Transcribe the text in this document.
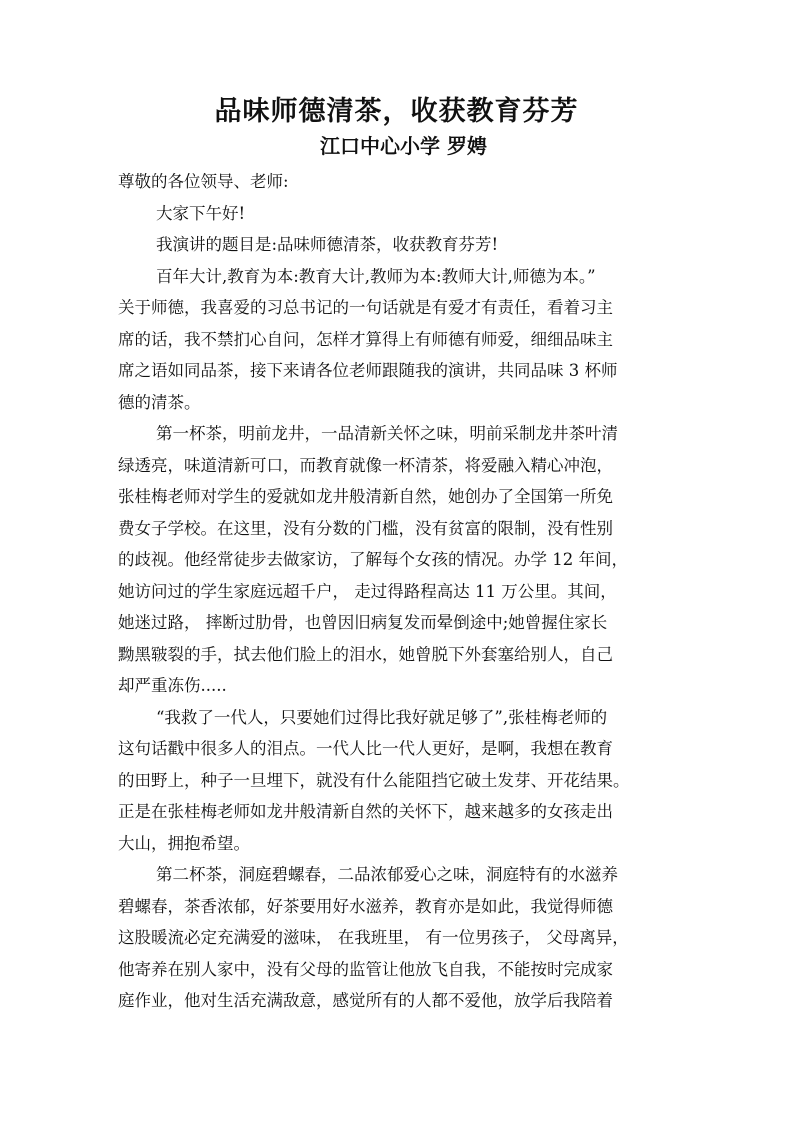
品味师德清茶，收获教育芬芳
江口中心小学 罗娉
尊敬的各位领导、老师:
大家下午好!
我演讲的题目是:品味师德清茶，收获教育芬芳!
百年大计,教育为本:教育大计,教师为本:教师大计,师德为本。”
关于师德，我喜爱的习总书记的一句话就是有爱才有责任，看着习主
席的话，我不禁扪心自问，怎样才算得上有师德有师爱，细细品味主
席之语如同品茶，接下来请各位老师跟随我的演讲，共同品味 3 杯师
德的清茶。
第一杯茶，明前龙井，一品清新关怀之味，明前采制龙井茶叶清
绿透亮，味道清新可口，而教育就像一杯清茶，将爱融入精心冲泡，
张桂梅老师对学生的爱就如龙井般清新自然，她创办了全国第一所免
费女子学校。在这里，没有分数的门槛，没有贫富的限制，没有性别
的歧视。他经常徒步去做家访，了解每个女孩的情况。办学 12 年间，
她访问过的学生家庭远超千户， 走过得路程高达 11 万公里。其间，
她迷过路， 摔断过肋骨，也曾因旧病复发而晕倒途中;她曾握住家长
黝黑皲裂的手，拭去他们脸上的泪水，她曾脱下外套塞给别人，自己
却严重冻伤.....
“我救了一代人，只要她们过得比我好就足够了”,张桂梅老师的
这句话戳中很多人的泪点。一代人比一代人更好，是啊，我想在教育
的田野上，种子一旦埋下，就没有什么能阻挡它破土发芽、开花结果。
正是在张桂梅老师如龙井般清新自然的关怀下，越来越多的女孩走出
大山，拥抱希望。
第二杯茶，洞庭碧螺春，二品浓郁爱心之味，洞庭特有的水滋养
碧螺春，茶香浓郁，好茶要用好水滋养，教育亦是如此，我觉得师德
这股暖流必定充满爱的滋味， 在我班里， 有一位男孩子， 父母离异，
他寄养在别人家中，没有父母的监管让他放飞自我，不能按时完成家
庭作业，他对生活充满敌意，感觉所有的人都不爱他，放学后我陪着
